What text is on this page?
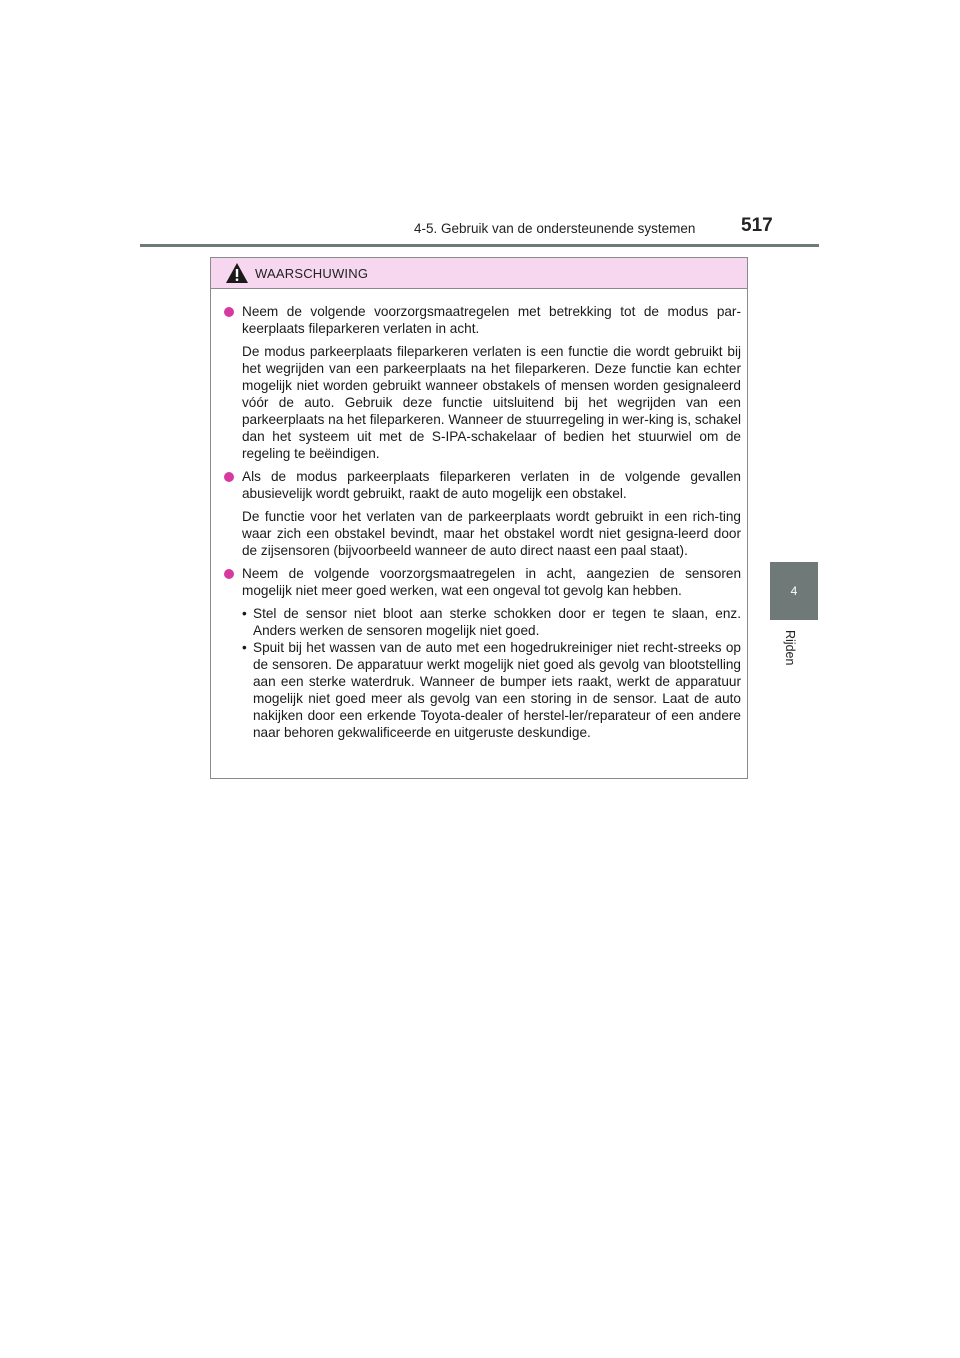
4-5. Gebruik van de ondersteunende systemen 517
4
Rijden
WAARSCHUWING

Neem de volgende voorzorgsmaatregelen met betrekking tot de modus par-keerplaats fileparkeren verlaten in acht.

De modus parkeerplaats fileparkeren verlaten is een functie die wordt gebruikt bij het wegrijden van een parkeerplaats na het fileparkeren. Deze functie kan echter mogelijk niet worden gebruikt wanneer obstakels of mensen worden gesignaleerd vóór de auto. Gebruik deze functie uitsluitend bij het wegrijden van een parkeerplaats na het fileparkeren. Wanneer de stuurregeling in wer-king is, schakel dan het systeem uit met de S-IPA-schakelaar of bedien het stuurwiel om de regeling te beëindigen.

Als de modus parkeerplaats fileparkeren verlaten in de volgende gevallen abusievelijk wordt gebruikt, raakt de auto mogelijk een obstakel.

De functie voor het verlaten van de parkeerplaats wordt gebruikt in een rich-ting waar zich een obstakel bevindt, maar het obstakel wordt niet gesigna-leerd door de zijsensoren (bijvoorbeeld wanneer de auto direct naast een paal staat).

Neem de volgende voorzorgsmaatregelen in acht, aangezien de sensoren mogelijk niet meer goed werken, wat een ongeval tot gevolg kan hebben.

• Stel de sensor niet bloot aan sterke schokken door er tegen te slaan, enz. Anders werken de sensoren mogelijk niet goed.
• Spuit bij het wassen van de auto met een hogedrukreiniger niet recht-streeks op de sensoren. De apparatuur werkt mogelijk niet goed als gevolg van blootstelling aan een sterke waterdruk. Wanneer de bumper iets raakt, werkt de apparatuur mogelijk niet goed meer als gevolg van een storing in de sensor. Laat de auto nakijken door een erkende Toyota-dealer of herstel-ler/reparateur of een andere naar behoren gekwalificeerde en uitgeruste deskundige.
